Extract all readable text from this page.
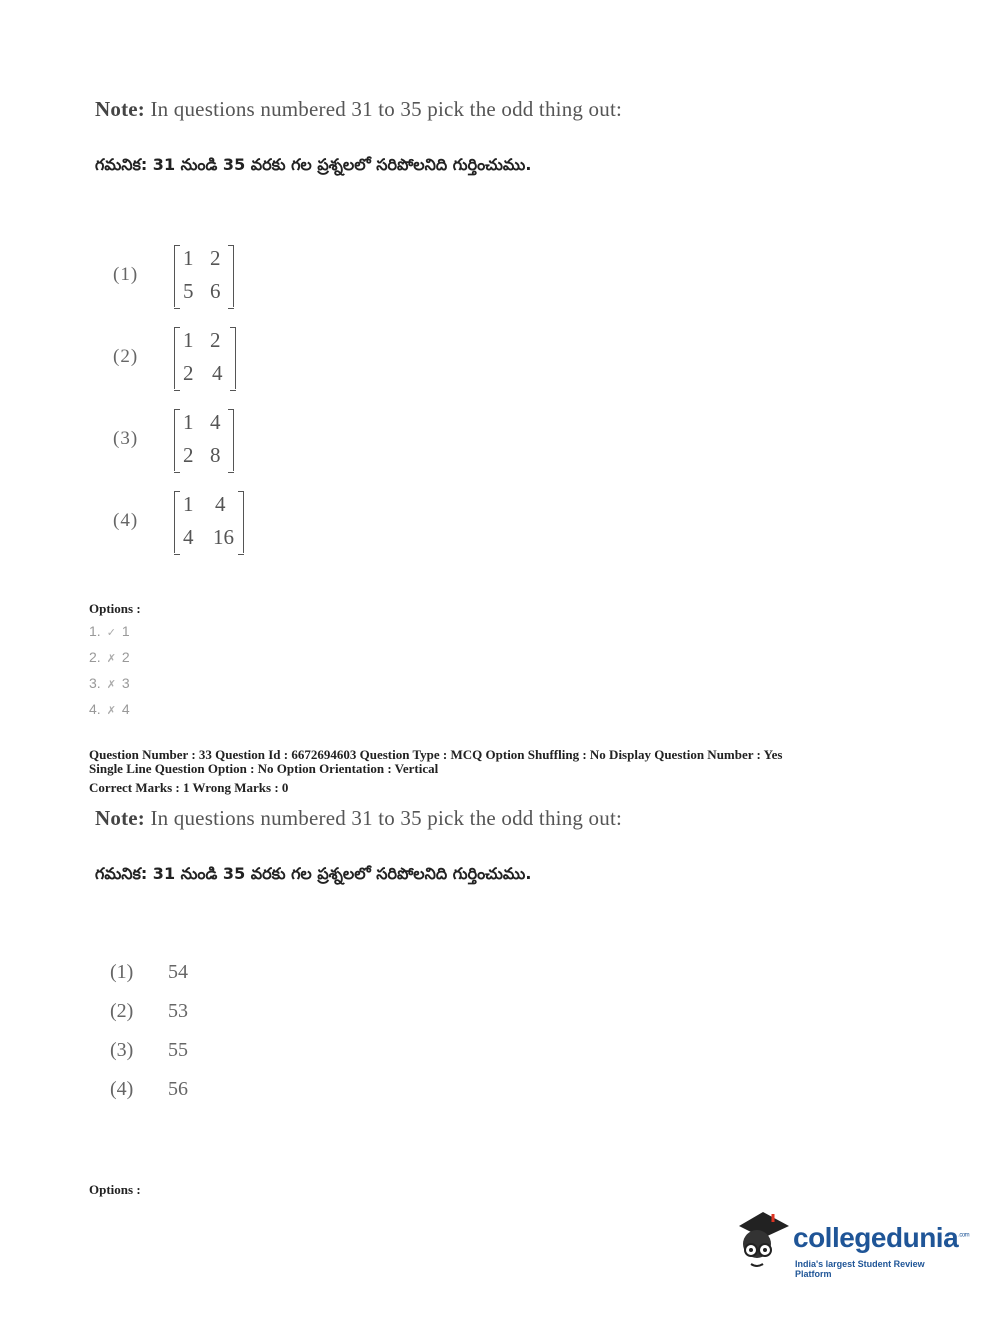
Note: In questions numbered 31 to 35 pick the odd thing out:
గమనిక: 31 నుండి 35 వరకు గల ప్రశ్నలలో సరిపోలనిది గుర్తించుము.
(1)
1 2
5 6
(2)
1 2
2 4
(3)
1 4
2 8
(4)
1 4
4 16
Options :
1. ✓ 1
2. ✗ 2
3. ✗ 3
4. ✗ 4
Question Number : 33 Question Id : 6672694603 Question Type : MCQ Option Shuffling : No Display Question Number : Yes
Single Line Question Option : No Option Orientation : Vertical
Correct Marks : 1 Wrong Marks : 0
Note: In questions numbered 31 to 35 pick the odd thing out:
గమనిక: 31 నుండి 35 వరకు గల ప్రశ్నలలో సరిపోలనిది గుర్తించుము.
(1) 54
(2) 53
(3) 55
(4) 56
Options :
collegedunia$^{.com}$
India's largest Student Review Platform
